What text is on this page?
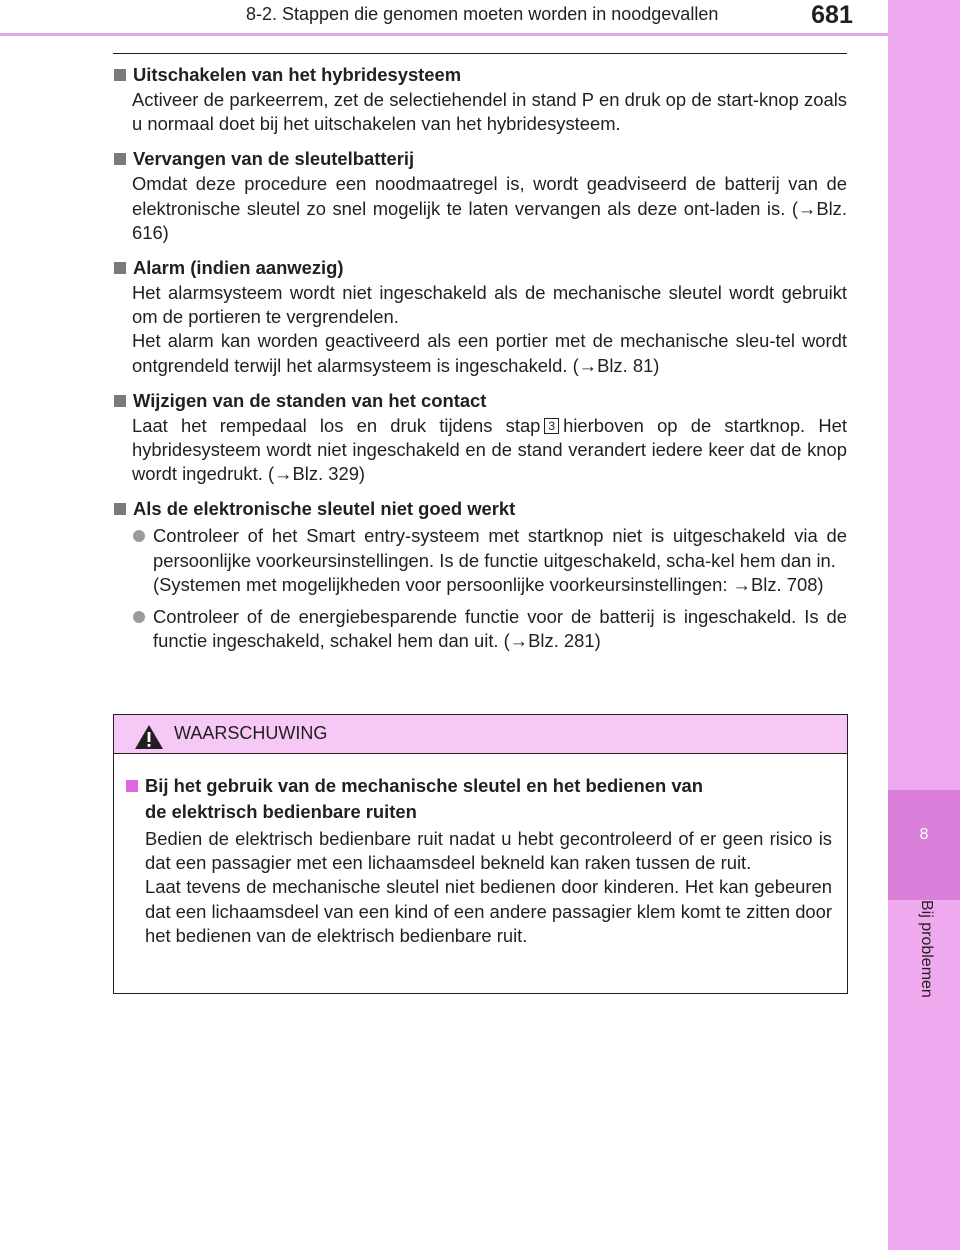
8-2. Stappen die genomen moeten worden in noodgevallen	681
8
Bij problemen
Uitschakelen van het hybridesysteem
Activeer de parkeerrem, zet de selectiehendel in stand P en druk op de start-knop zoals u normaal doet bij het uitschakelen van het hybridesysteem.
Vervangen van de sleutelbatterij
Omdat deze procedure een noodmaatregel is, wordt geadviseerd de batterij van de elektronische sleutel zo snel mogelijk te laten vervangen als deze ont-laden is. (→Blz. 616)
Alarm (indien aanwezig)
Het alarmsysteem wordt niet ingeschakeld als de mechanische sleutel wordt gebruikt om de portieren te vergrendelen.
Het alarm kan worden geactiveerd als een portier met de mechanische sleu-tel wordt ontgrendeld terwijl het alarmsysteem is ingeschakeld. (→Blz. 81)
Wijzigen van de standen van het contact
Laat het rempedaal los en druk tijdens stap 3 hierboven op de startknop. Het hybridesysteem wordt niet ingeschakeld en de stand verandert iedere keer dat de knop wordt ingedrukt. (→Blz. 329)
Als de elektronische sleutel niet goed werkt
Controleer of het Smart entry-systeem met startknop niet is uitgeschakeld via de persoonlijke voorkeursinstellingen. Is de functie uitgeschakeld, scha-kel hem dan in.
(Systemen met mogelijkheden voor persoonlijke voorkeursinstellingen: →Blz. 708)
Controleer of de energiebesparende functie voor de batterij is ingeschakeld. Is de functie ingeschakeld, schakel hem dan uit. (→Blz. 281)
WAARSCHUWING
Bij het gebruik van de mechanische sleutel en het bedienen van
de elektrisch bedienbare ruiten
Bedien de elektrisch bedienbare ruit nadat u hebt gecontroleerd of er geen risico is dat een passagier met een lichaamsdeel bekneld kan raken tussen de ruit.
Laat tevens de mechanische sleutel niet bedienen door kinderen. Het kan gebeuren dat een lichaamsdeel van een kind of een andere passagier klem komt te zitten door het bedienen van de elektrisch bedienbare ruit.
